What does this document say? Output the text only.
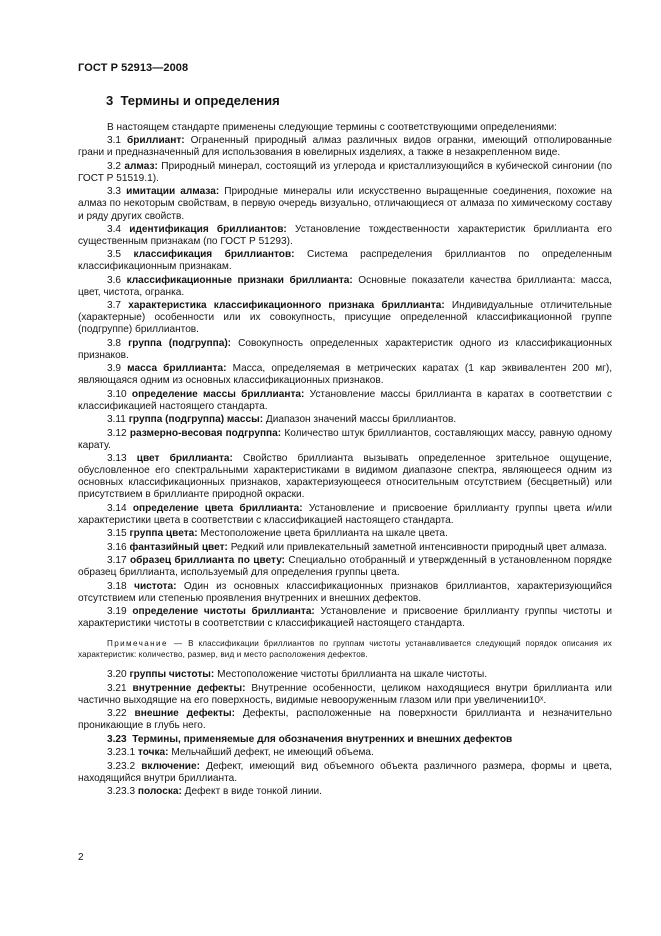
ГОСТ Р 52913—2008
3 Термины и определения

В настоящем стандарте применены следующие термины с соответствующими определениями:

3.1 бриллиант: Ограненный природный алмаз различных видов огранки, имеющий отполированные грани и предназначенный для использования в ювелирных изделиях, а также в незакрепленном виде.

3.2 алмаз: Природный минерал, состоящий из углерода и кристаллизующийся в кубической сингонии (по ГОСТ Р 51519.1).

3.3 имитации алмаза: Природные минералы или искусственно выращенные соединения, похожие на алмаз по некоторым свойствам, в первую очередь визуально, отличающиеся от алмаза по химическому составу и ряду других свойств.

3.4 идентификация бриллиантов: Установление тождественности характеристик бриллианта его существенным признакам (по ГОСТ Р 51293).

3.5 классификация бриллиантов: Система распределения бриллиантов по определенным классификационным признакам.

3.6 классификационные признаки бриллианта: Основные показатели качества бриллианта: масса, цвет, чистота, огранка.

3.7 характеристика классификационного признака бриллианта: Индивидуальные отличительные (характерные) особенности или их совокупность, присущие определенной классификационной группе (подгруппе) бриллиантов.

3.8 группа (подгруппа): Совокупность определенных характеристик одного из классификационных признаков.

3.9 масса бриллианта: Масса, определяемая в метрических каратах (1 кар эквивалентен 200 мг), являющаяся одним из основных классификационных признаков.

3.10 определение массы бриллианта: Установление массы бриллианта в каратах в соответствии с классификацией настоящего стандарта.

3.11 группа (подгруппа) массы: Диапазон значений массы бриллиантов.

3.12 размерно-весовая подгруппа: Количество штук бриллиантов, составляющих массу, равную одному карату.

3.13 цвет бриллианта: Свойство бриллианта вызывать определенное зрительное ощущение, обусловленное его спектральными характеристиками в видимом диапазоне спектра, являющееся одним из основных классификационных признаков, характеризующееся относительным отсутствием (бесцветный) или присутствием в бриллианте природной окраски.

3.14 определение цвета бриллианта: Установление и присвоение бриллианту группы цвета и/или характеристики цвета в соответствии с классификацией настоящего стандарта.

3.15 группа цвета: Местоположение цвета бриллианта на шкале цвета.

3.16 фантазийный цвет: Редкий или привлекательный заметной интенсивности природный цвет алмаза.

3.17 образец бриллианта по цвету: Специально отобранный и утвержденный в установленном порядке образец бриллианта, используемый для определения группы цвета.

3.18 чистота: Один из основных классификационных признаков бриллиантов, характеризующийся отсутствием или степенью проявления внутренних и внешних дефектов.

3.19 определение чистоты бриллианта: Установление и присвоение бриллианту группы чистоты и характеристики чистоты в соответствии с классификацией настоящего стандарта.

Примечание — В классификации бриллиантов по группам чистоты устанавливается следующий порядок описания их характеристик: количество, размер, вид и место расположения дефектов.

3.20 группы чистоты: Местоположение чистоты бриллианта на шкале чистоты.

3.21 внутренние дефекты: Внутренние особенности, целиком находящиеся внутри бриллианта или частично выходящие на его поверхность, видимые невооруженным глазом или при увеличении10ˣ.

3.22 внешние дефекты: Дефекты, расположенные на поверхности бриллианта и незначительно проникающие в глубь него.

3.23 Термины, применяемые для обозначения внутренних и внешних дефектов

3.23.1 точка: Мельчайший дефект, не имеющий объема.

3.23.2 включение: Дефект, имеющий вид объемного объекта различного размера, формы и цвета, находящийся внутри бриллианта.

3.23.3 полоска: Дефект в виде тонкой линии.

2
